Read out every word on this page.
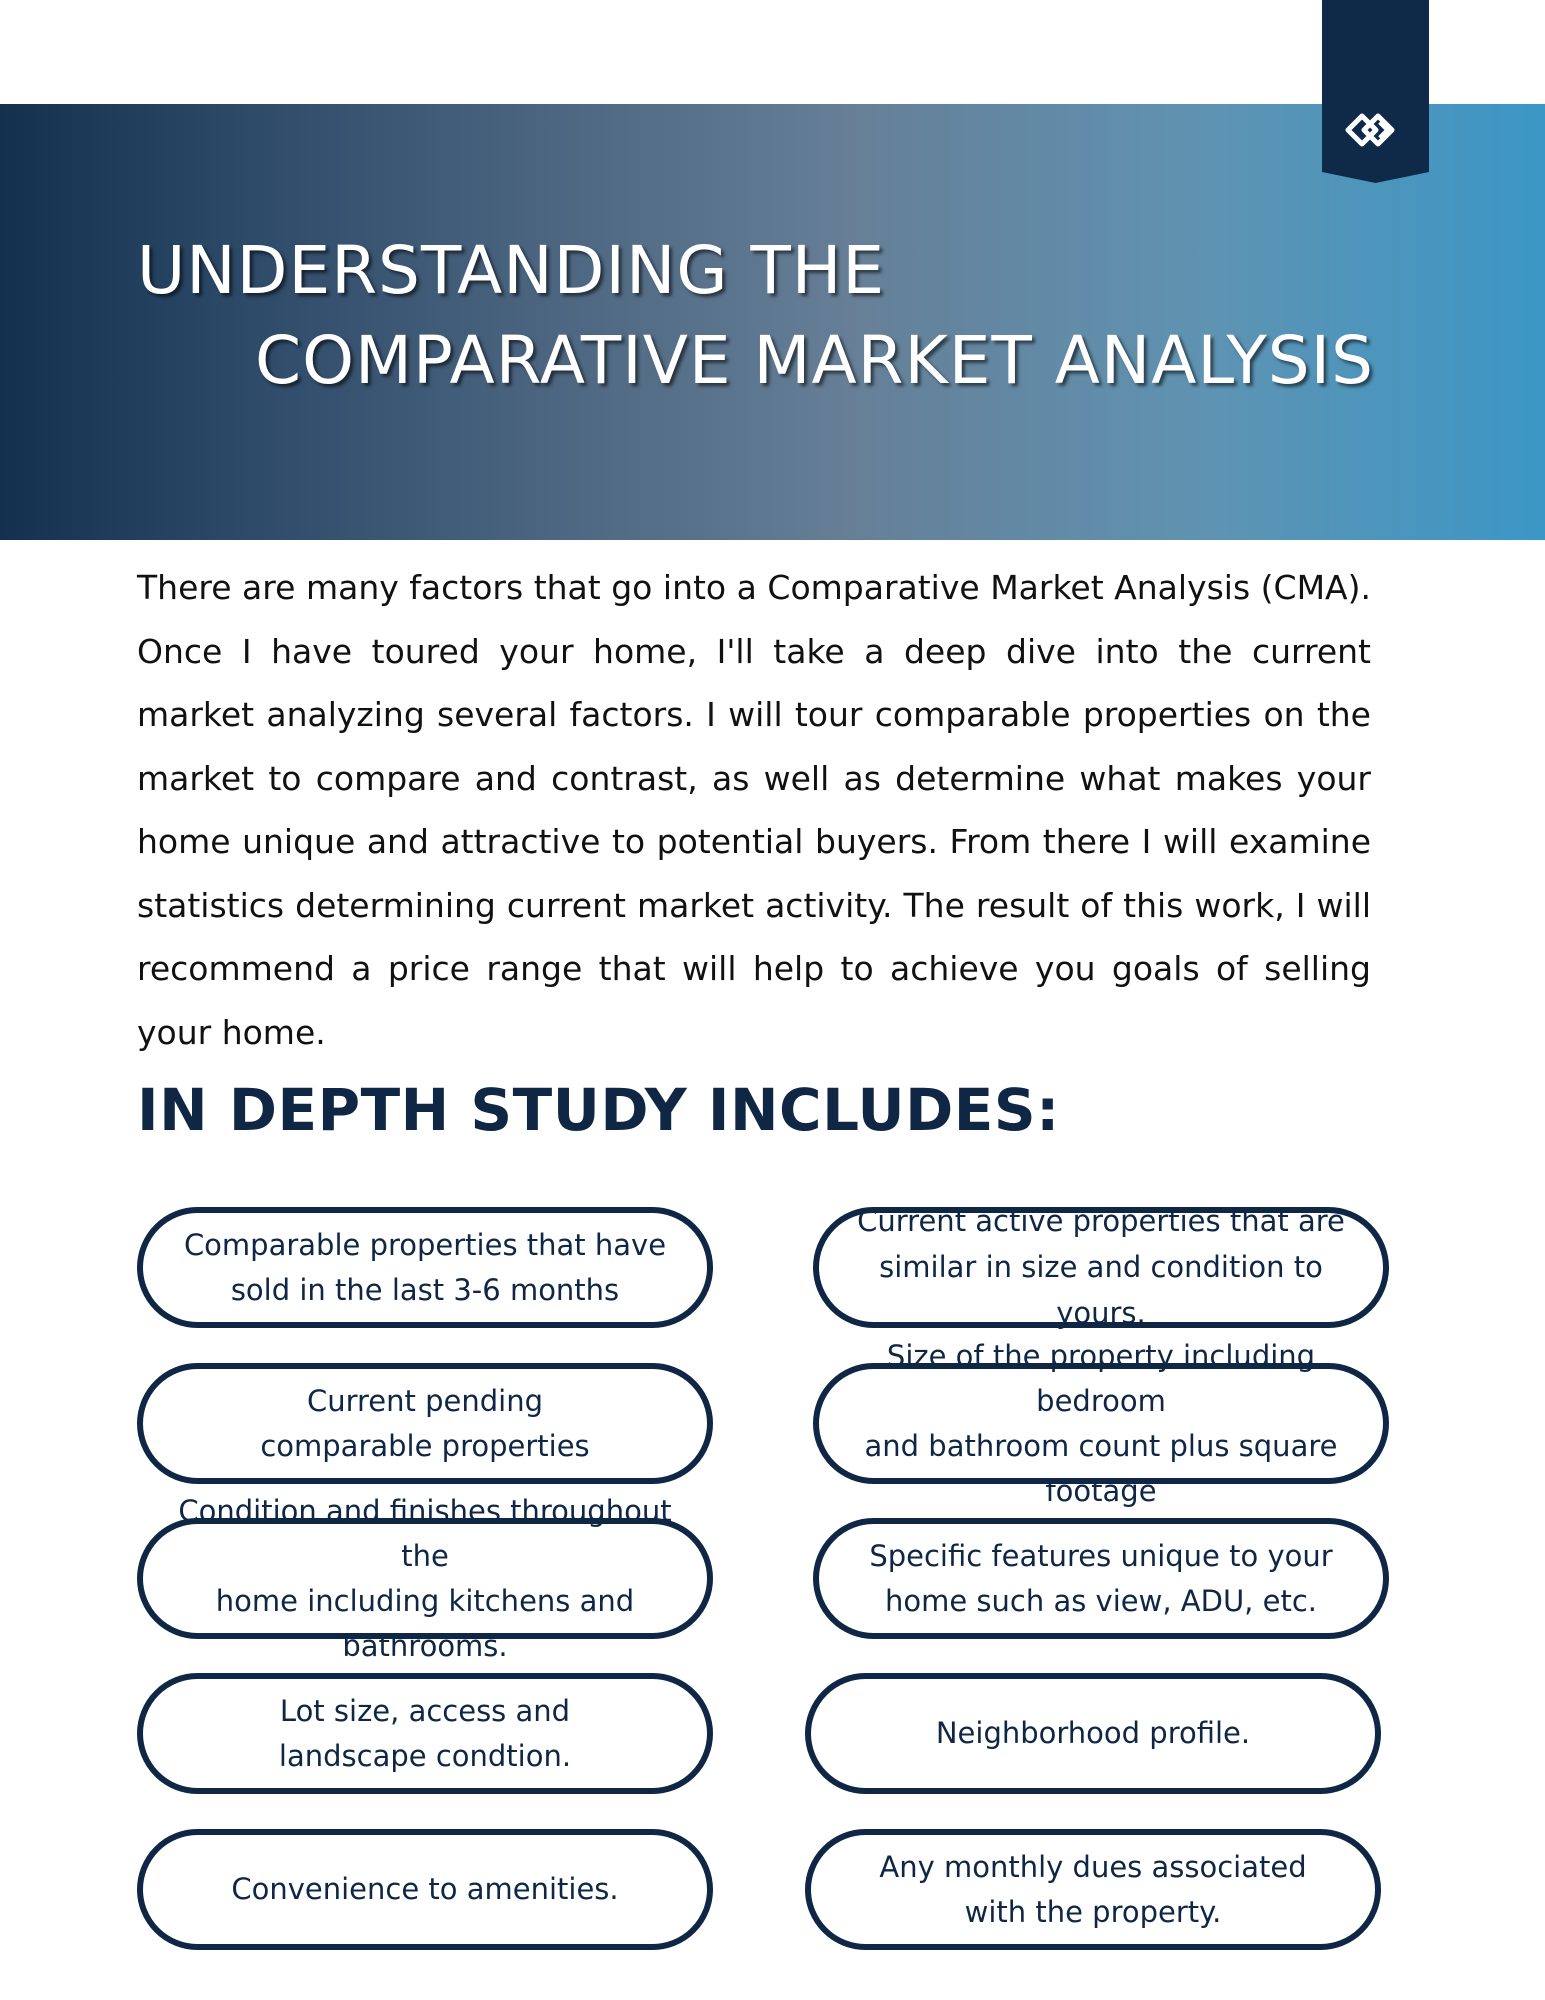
UNDERSTANDING THE
COMPARATIVE MARKET ANALYSIS

There are many factors that go into a Comparative Market Analysis (CMA). Once I have toured your home, I'll take a deep dive into the current market analyzing several factors. I will tour comparable properties on the market to compare and contrast, as well as determine what makes your home unique and attractive to potential buyers. From there I will examine statistics determining current market activity. The result of this work, I will recommend a price range that will help to achieve you goals of selling your home.

IN DEPTH STUDY INCLUDES:
Comparable properties that have
sold in the last 3-6 months
Current pending
comparable properties
Condition and finishes throughout the
home including kitchens and bathrooms.
Lot size, access and
landscape condtion.
Convenience to amenities.
Current active properties that are
similar in size and condition to yours.
Size of the property including bedroom
and bathroom count plus square footage
Specific features unique to your
home such as view, ADU, etc.
Neighborhood profile.
Any monthly dues associated
with the property.
